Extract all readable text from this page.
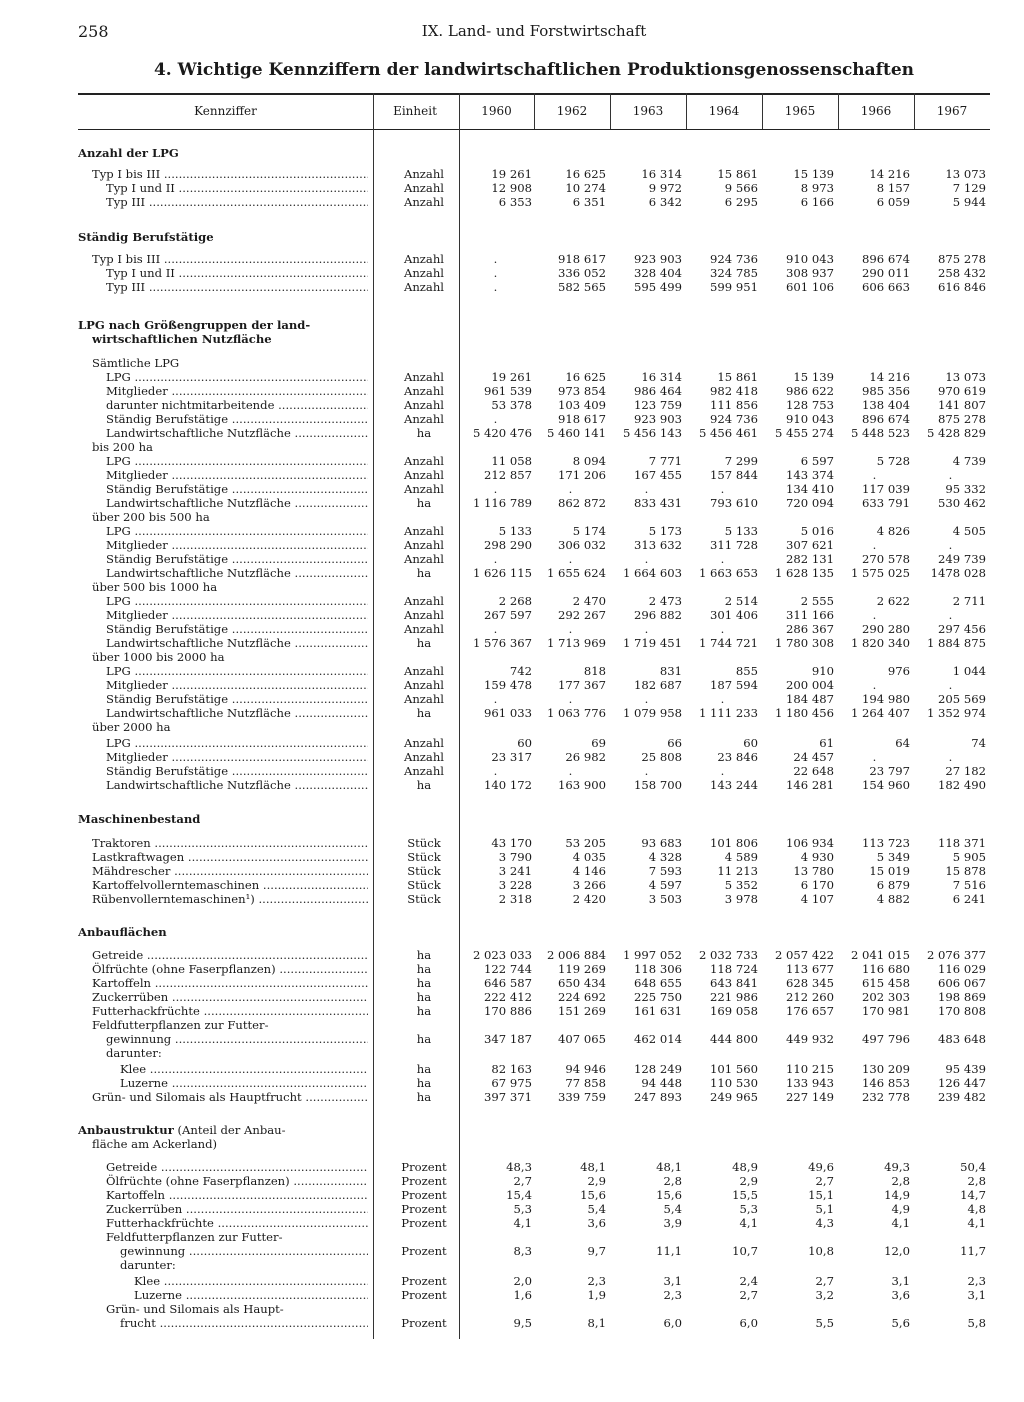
258	IX. Land- und Forstwirtschaft
4. Wichtige Kennziffern der landwirtschaftlichen Produktionsgenossenschaften
Kennziffer	Einheit	1960	1962	1963	1964	1965	1966	1967
Anzahl der LPG
Typ I bis III .....	Anzahl	19 261	16 625	16 314	15 861	15 139	14 216	13 073
Typ I und II .....	Anzahl	12 908	10 274	9 972	9 566	8 973	8 157	7 129
Typ III .....	Anzahl	6 353	6 351	6 342	6 295	6 166	6 059	5 944
Ständig Berufstätige
Typ I bis III .....	Anzahl	.	918 617	923 903	924 736	910 043	896 674	875 278
Typ I und II .....	Anzahl	.	336 052	328 404	324 785	308 937	290 011	258 432
Typ III .....	Anzahl	.	582 565	595 499	599 951	601 106	606 663	616 846
LPG nach Größengruppen der land-
wirtschaftlichen Nutzfläche
Sämtliche LPG
LPG .....	Anzahl	19 261	16 625	16 314	15 861	15 139	14 216	13 073
Mitglieder .....	Anzahl	961 539	973 854	986 464	982 418	986 622	985 356	970 619
darunter nichtmitarbeitende .....	Anzahl	53 378	103 409	123 759	111 856	128 753	138 404	141 807
Ständig Berufstätige .....	Anzahl	.	918 617	923 903	924 736	910 043	896 674	875 278
Landwirtschaftliche Nutzfläche .....	ha	5 420 476	5 460 141	5 456 143	5 456 461	5 455 274	5 448 523	5 428 829
bis 200 ha
LPG .....	Anzahl	11 058	8 094	7 771	7 299	6 597	5 728	4 739
Mitglieder .....	Anzahl	212 857	171 206	167 455	157 844	143 374	.	.
Ständig Berufstätige .....	Anzahl	.	.	.	.	134 410	117 039	95 332
Landwirtschaftliche Nutzfläche .....	ha	1 116 789	862 872	833 431	793 610	720 094	633 791	530 462
über 200 bis 500 ha
LPG .....	Anzahl	5 133	5 174	5 173	5 133	5 016	4 826	4 505
Mitglieder .....	Anzahl	298 290	306 032	313 632	311 728	307 621	.	.
Ständig Berufstätige .....	Anzahl	.	.	.	.	282 131	270 578	249 739
Landwirtschaftliche Nutzfläche .....	ha	1 626 115	1 655 624	1 664 603	1 663 653	1 628 135	1 575 025	1478 028
über 500 bis 1000 ha
LPG .....	Anzahl	2 268	2 470	2 473	2 514	2 555	2 622	2 711
Mitglieder .....	Anzahl	267 597	292 267	296 882	301 406	311 166	.	.
Ständig Berufstätige .....	Anzahl	.	.	.	.	286 367	290 280	297 456
Landwirtschaftliche Nutzfläche .....	ha	1 576 367	1 713 969	1 719 451	1 744 721	1 780 308	1 820 340	1 884 875
über 1000 bis 2000 ha
LPG .....	Anzahl	742	818	831	855	910	976	1 044
Mitglieder .....	Anzahl	159 478	177 367	182 687	187 594	200 004	.	.
Ständig Berufstätige .....	Anzahl	.	.	.	.	184 487	194 980	205 569
Landwirtschaftliche Nutzfläche .....	ha	961 033	1 063 776	1 079 958	1 111 233	1 180 456	1 264 407	1 352 974
über 2000 ha
LPG .....	Anzahl	60	69	66	60	61	64	74
Mitglieder .....	Anzahl	23 317	26 982	25 808	23 846	24 457	.	.
Ständig Berufstätige .....	Anzahl	.	.	.	.	22 648	23 797	27 182
Landwirtschaftliche Nutzfläche .....	ha	140 172	163 900	158 700	143 244	146 281	154 960	182 490
Maschinenbestand
Traktoren .....	Stück	43 170	53 205	93 683	101 806	106 934	113 723	118 371
Lastkraftwagen .....	Stück	3 790	4 035	4 328	4 589	4 930	5 349	5 905
Mähdrescher .....	Stück	3 241	4 146	7 593	11 213	13 780	15 019	15 878
Kartoffelvollerntemaschinen .....	Stück	3 228	3 266	4 597	5 352	6 170	6 879	7 516
Rübenvollerntemaschinen¹) .....	Stück	2 318	2 420	3 503	3 978	4 107	4 882	6 241
Anbauflächen
Getreide .....	ha	2 023 033	2 006 884	1 997 052	2 032 733	2 057 422	2 041 015	2 076 377
Ölfrüchte (ohne Faserpflanzen) .....	ha	122 744	119 269	118 306	118 724	113 677	116 680	116 029
Kartoffeln .....	ha	646 587	650 434	648 655	643 841	628 345	615 458	606 067
Zuckerrüben .....	ha	222 412	224 692	225 750	221 986	212 260	202 303	198 869
Futterhackfrüchte .....	ha	170 886	151 269	161 631	169 058	176 657	170 981	170 808
Feldfutterpflanzen zur Futter-
gewinnung .....	ha	347 187	407 065	462 014	444 800	449 932	497 796	483 648
darunter:
Klee .....	ha	82 163	94 946	128 249	101 560	110 215	130 209	95 439
Luzerne .....	ha	67 975	77 858	94 448	110 530	133 943	146 853	126 447
Grün- und Silomais als Hauptfrucht .....	ha	397 371	339 759	247 893	249 965	227 149	232 778	239 482
Anbaustruktur (Anteil der Anbau-
fläche am Ackerland)
Getreide .....	Prozent	48,3	48,1	48,1	48,9	49,6	49,3	50,4
Ölfrüchte (ohne Faserpflanzen) .....	Prozent	2,7	2,9	2,8	2,9	2,7	2,8	2,8
Kartoffeln .....	Prozent	15,4	15,6	15,6	15,5	15,1	14,9	14,7
Zuckerrüben .....	Prozent	5,3	5,4	5,4	5,3	5,1	4,9	4,8
Futterhackfrüchte .....	Prozent	4,1	3,6	3,9	4,1	4,3	4,1	4,1
Feldfutterpflanzen zur Futter-
gewinnung .....	Prozent	8,3	9,7	11,1	10,7	10,8	12,0	11,7
darunter:
Klee .....	Prozent	2,0	2,3	3,1	2,4	2,7	3,1	2,3
Luzerne .....	Prozent	1,6	1,9	2,3	2,7	3,2	3,6	3,1
Grün- und Silomais als Haupt-
frucht .....	Prozent	9,5	8,1	6,0	6,0	5,5	5,6	5,8
